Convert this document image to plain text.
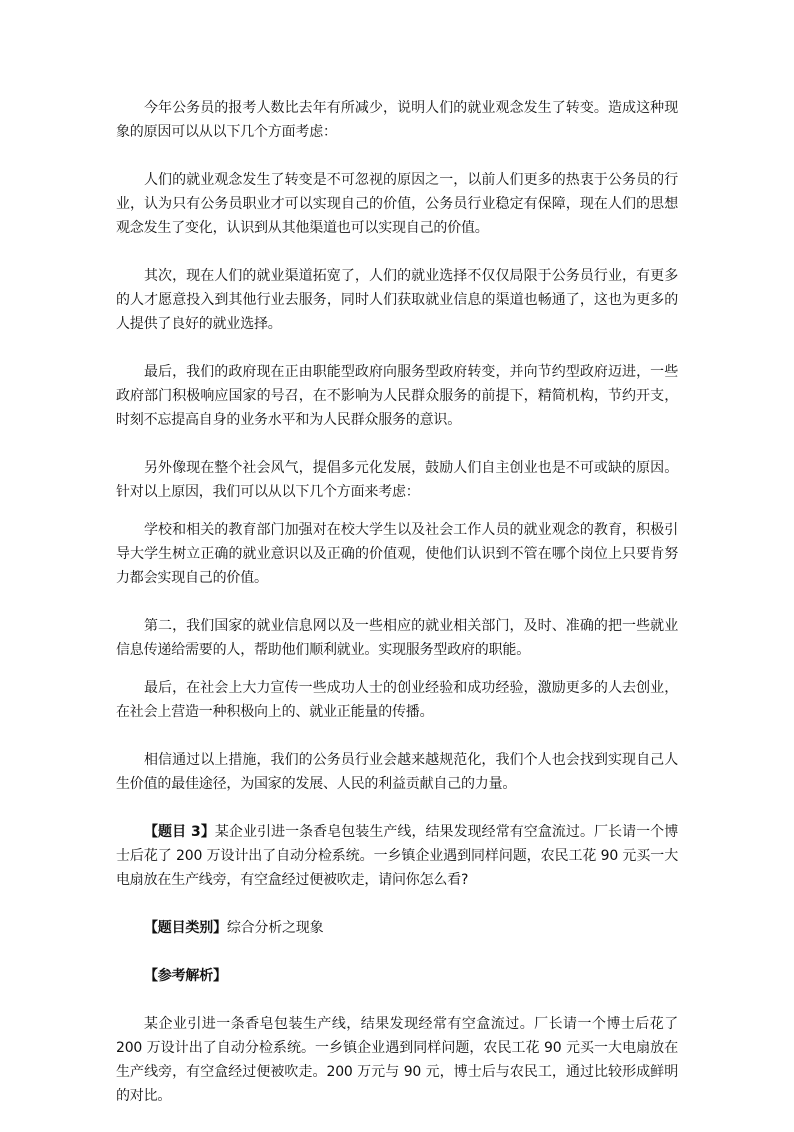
今年公务员的报考人数比去年有所减少，说明人们的就业观念发生了转变。造成这种现象的原因可以从以下几个方面考虑：

人们的就业观念发生了转变是不可忽视的原因之一，以前人们更多的热衷于公务员的行业，认为只有公务员职业才可以实现自己的价值，公务员行业稳定有保障，现在人们的思想观念发生了变化，认识到从其他渠道也可以实现自己的价值。

其次，现在人们的就业渠道拓宽了，人们的就业选择不仅仅局限于公务员行业，有更多的人才愿意投入到其他行业去服务，同时人们获取就业信息的渠道也畅通了，这也为更多的人提供了良好的就业选择。

最后，我们的政府现在正由职能型政府向服务型政府转变，并向节约型政府迈进，一些政府部门积极响应国家的号召，在不影响为人民群众服务的前提下，精简机构，节约开支，时刻不忘提高自身的业务水平和为人民群众服务的意识。

另外像现在整个社会风气，提倡多元化发展，鼓励人们自主创业也是不可或缺的原因。针对以上原因，我们可以从以下几个方面来考虑：

学校和相关的教育部门加强对在校大学生以及社会工作人员的就业观念的教育，积极引导大学生树立正确的就业意识以及正确的价值观，使他们认识到不管在哪个岗位上只要肯努力都会实现自己的价值。

第二，我们国家的就业信息网以及一些相应的就业相关部门，及时、准确的把一些就业信息传递给需要的人，帮助他们顺利就业。实现服务型政府的职能。

最后，在社会上大力宣传一些成功人士的创业经验和成功经验，激励更多的人去创业，在社会上营造一种积极向上的、就业正能量的传播。

相信通过以上措施，我们的公务员行业会越来越规范化，我们个人也会找到实现自己人生价值的最佳途径，为国家的发展、人民的利益贡献自己的力量。

【题目 3】某企业引进一条香皂包装生产线，结果发现经常有空盒流过。厂长请一个博士后花了 200 万设计出了自动分检系统。一乡镇企业遇到同样问题，农民工花 90 元买一大电扇放在生产线旁，有空盒经过便被吹走，请问你怎么看?

【题目类别】综合分析之现象

【参考解析】

某企业引进一条香皂包装生产线，结果发现经常有空盒流过。厂长请一个博士后花了 200 万设计出了自动分检系统。一乡镇企业遇到同样问题，农民工花 90 元买一大电扇放在生产线旁，有空盒经过便被吹走。200 万元与 90 元，博士后与农民工，通过比较形成鲜明的对比。
